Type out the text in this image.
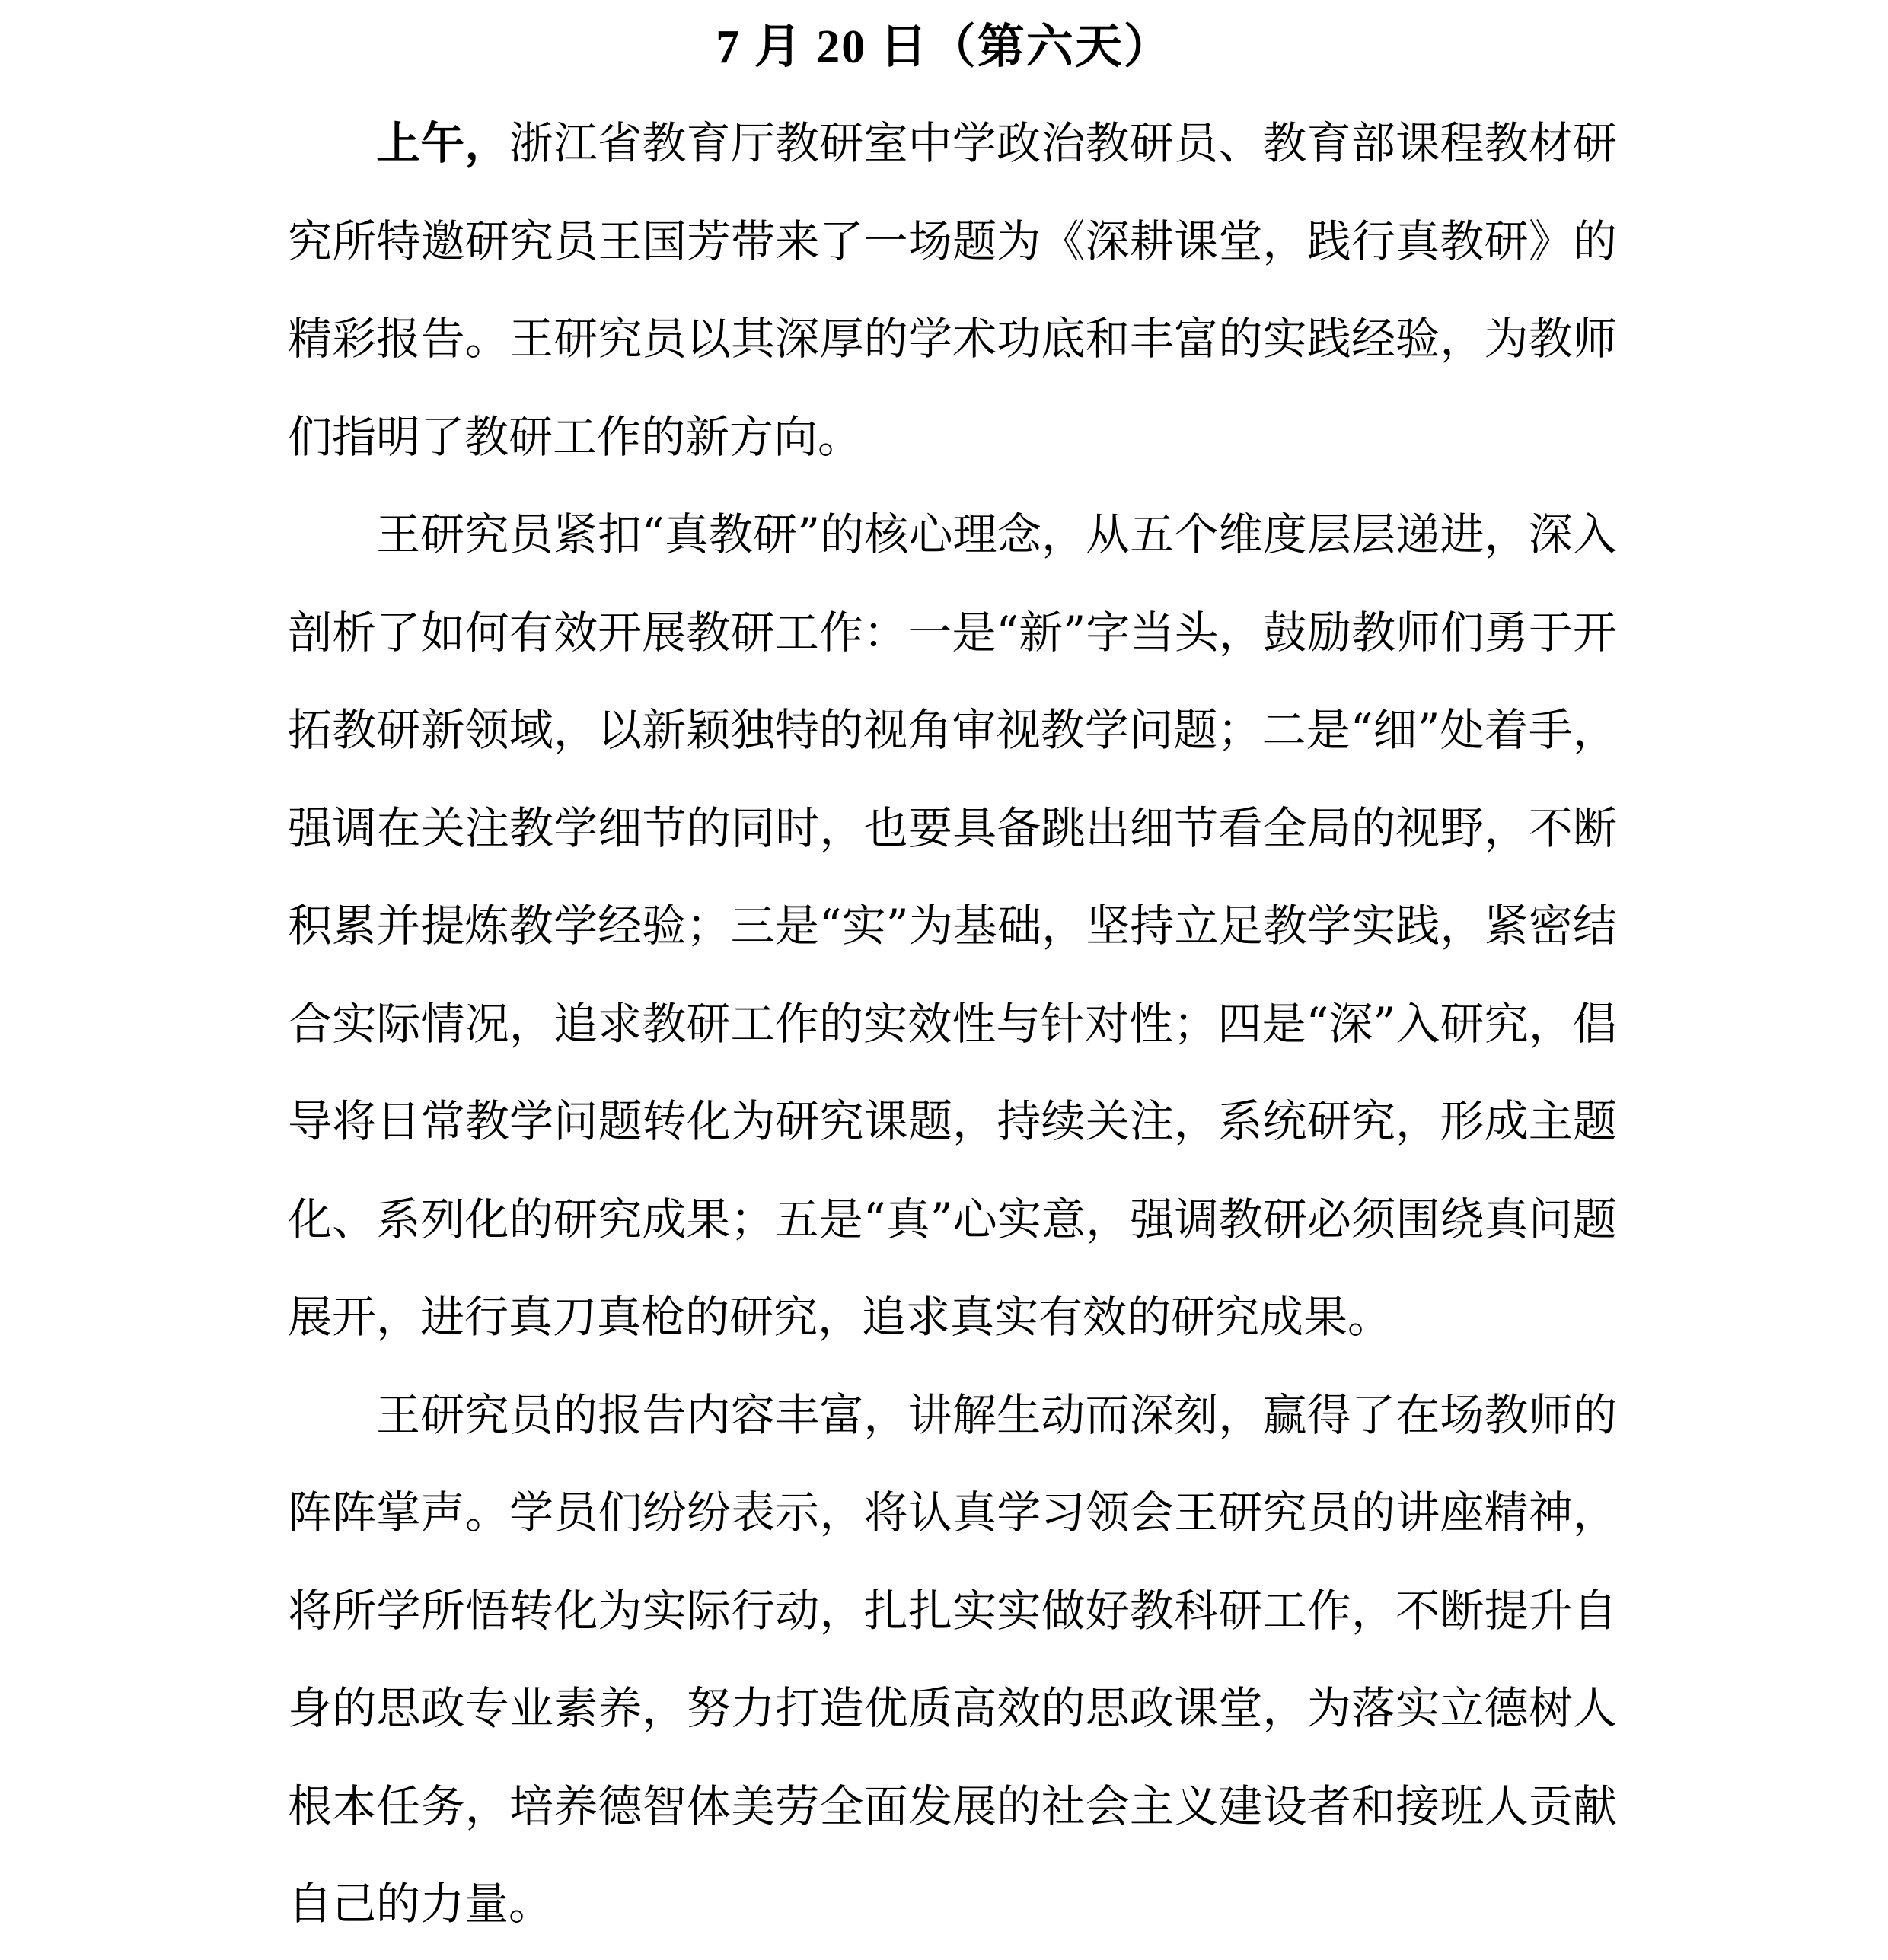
7 月 20 日（第六天）

上午，浙江省教育厅教研室中学政治教研员、教育部课程教材研究所特邀研究员王国芳带来了一场题为《深耕课堂，践行真教研》的精彩报告。王研究员以其深厚的学术功底和丰富的实践经验，为教师们指明了教研工作的新方向。

王研究员紧扣“真教研”的核心理念，从五个维度层层递进，深入剖析了如何有效开展教研工作：一是“新”字当头，鼓励教师们勇于开拓教研新领域，以新颖独特的视角审视教学问题；二是“细”处着手，强调在关注教学细节的同时，也要具备跳出细节看全局的视野，不断积累并提炼教学经验；三是“实”为基础，坚持立足教学实践，紧密结合实际情况，追求教研工作的实效性与针对性；四是“深”入研究，倡导将日常教学问题转化为研究课题，持续关注，系统研究，形成主题化、系列化的研究成果；五是“真”心实意，强调教研必须围绕真问题展开，进行真刀真枪的研究，追求真实有效的研究成果。

王研究员的报告内容丰富，讲解生动而深刻，赢得了在场教师的阵阵掌声。学员们纷纷表示，将认真学习领会王研究员的讲座精神，将所学所悟转化为实际行动，扎扎实实做好教科研工作，不断提升自身的思政专业素养，努力打造优质高效的思政课堂，为落实立德树人根本任务，培养德智体美劳全面发展的社会主义建设者和接班人贡献自己的力量。
